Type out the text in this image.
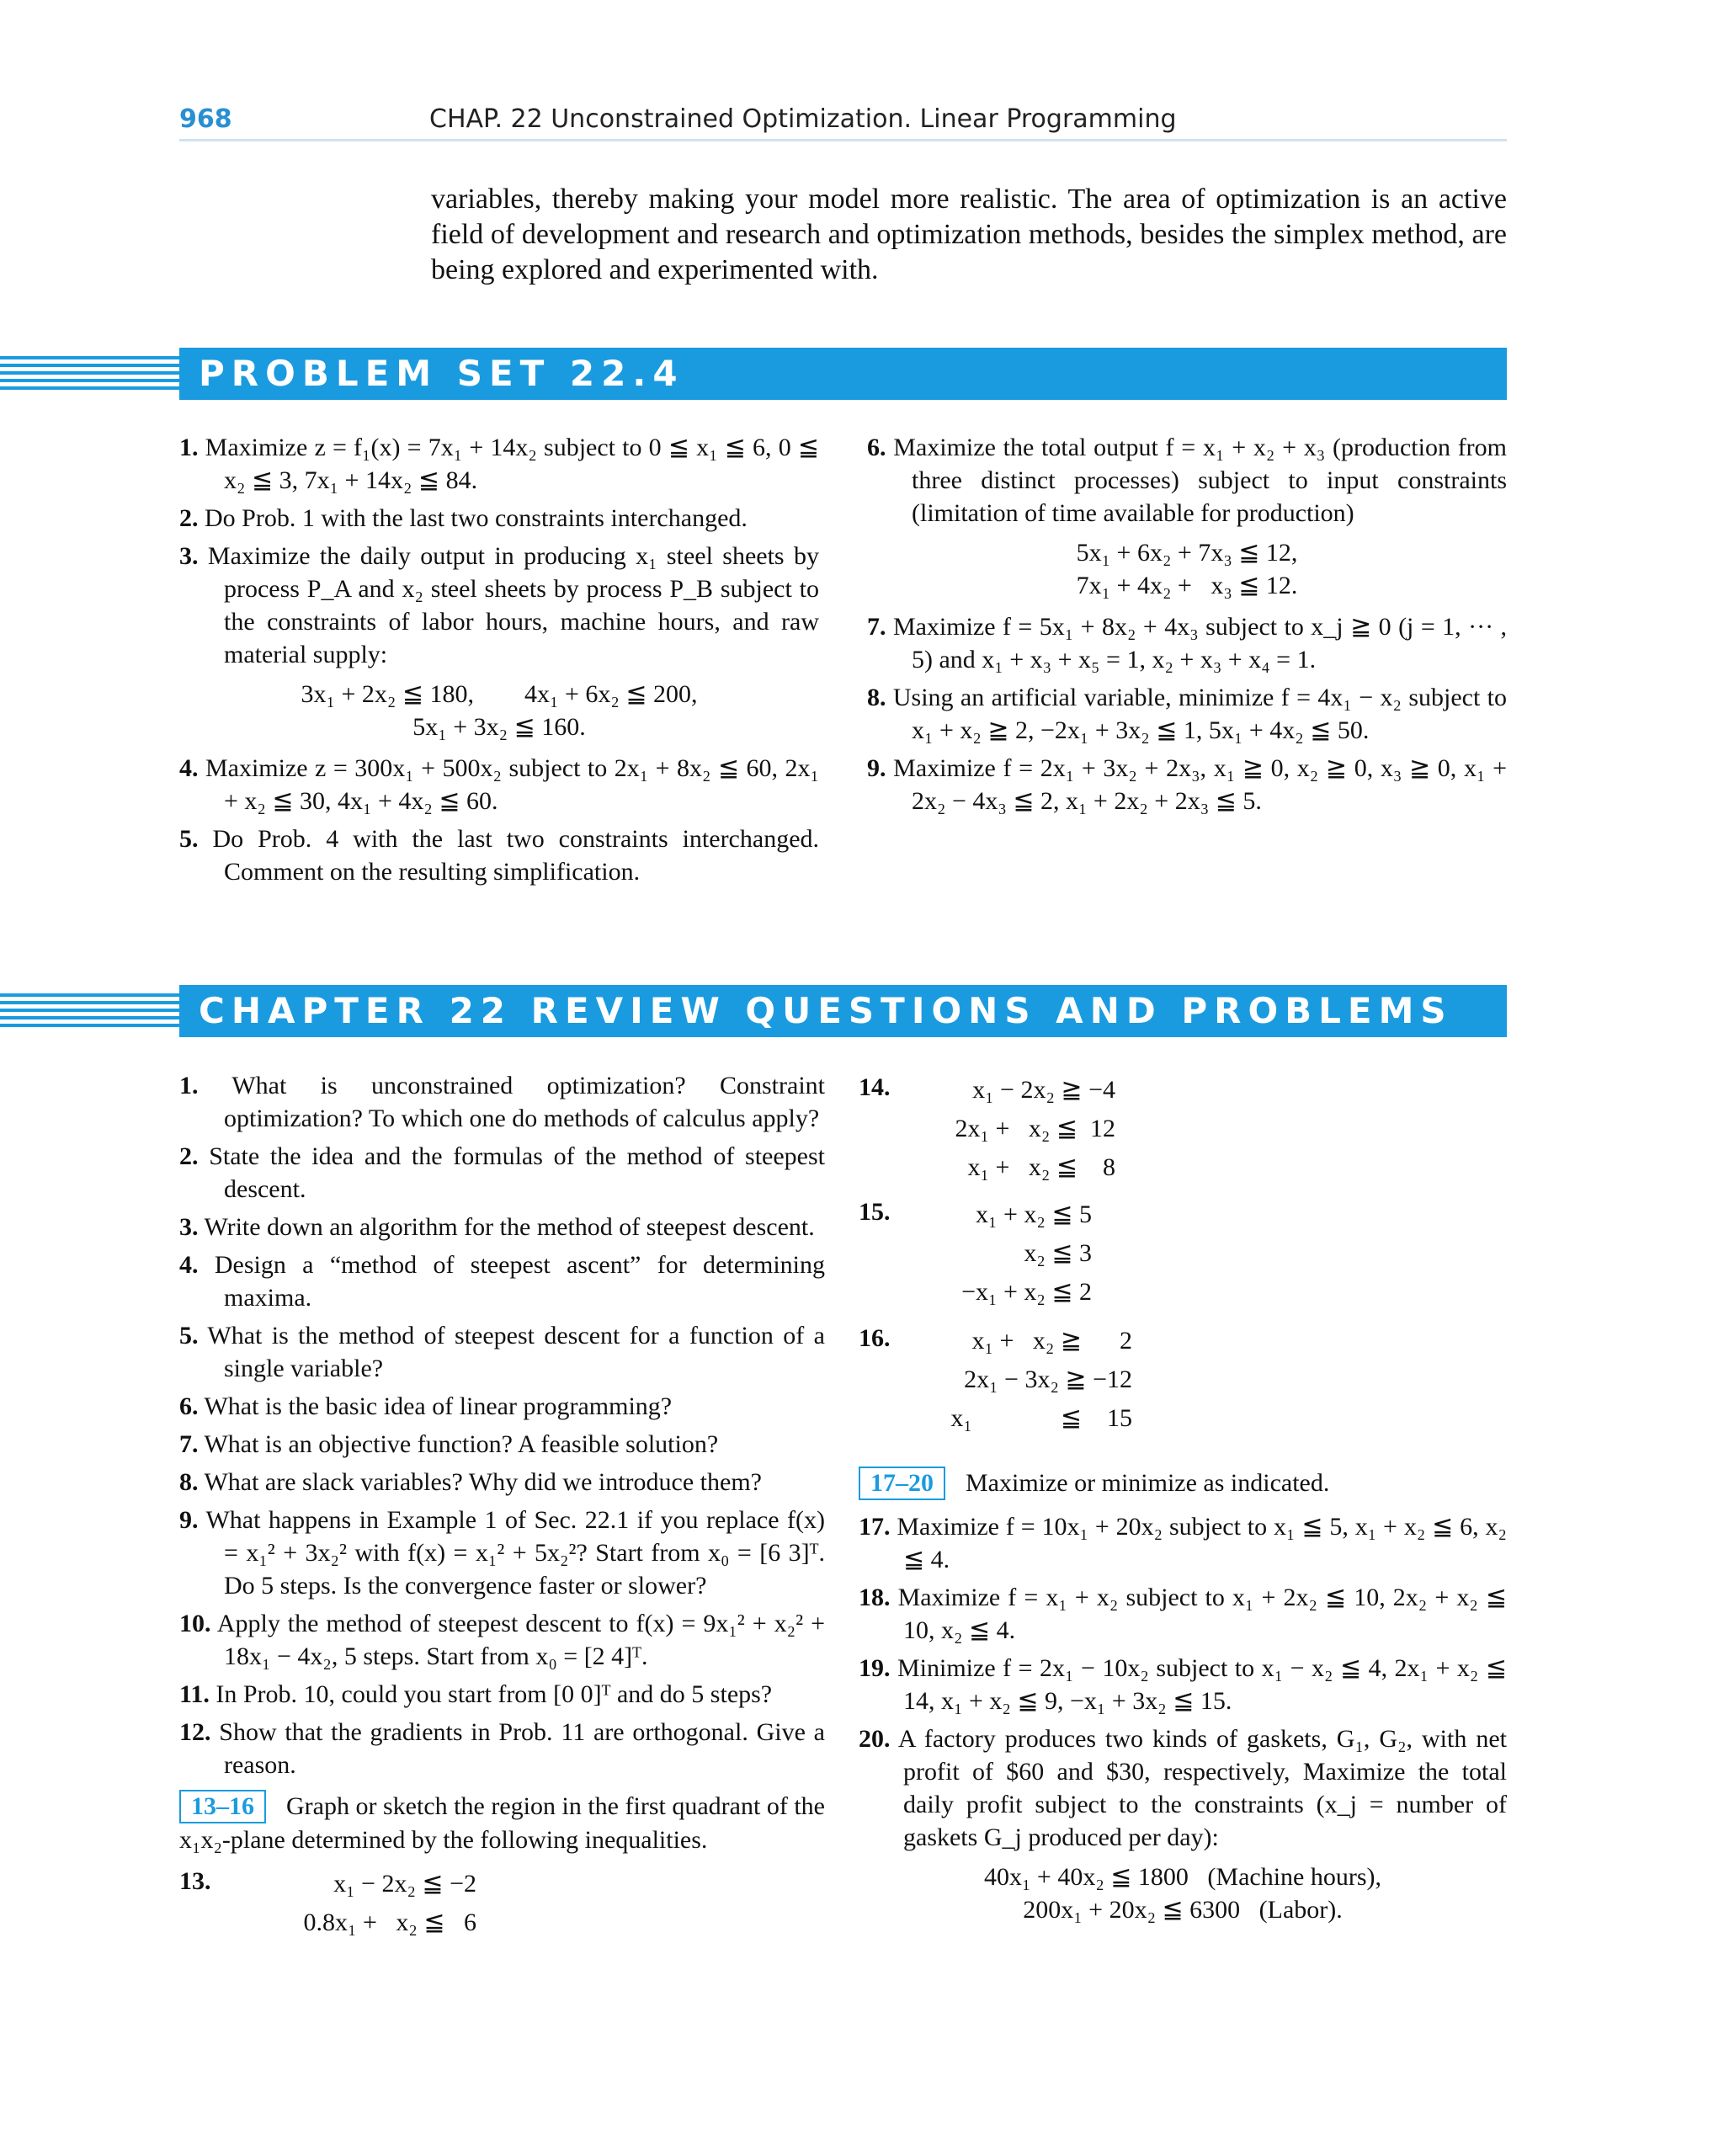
968	CHAP. 22 Unconstrained Optimization. Linear Programming

variables, thereby making your model more realistic. The area of optimization is an active field of development and research and optimization methods, besides the simplex method, are being explored and experimented with.

PROBLEM SET 22.4

1. Maximize z = f₁(x) = 7x₁ + 14x₂ subject to 0 ≦ x₁ ≦ 6, 0 ≦ x₂ ≦ 3, 7x₁ + 14x₂ ≦ 84.

2. Do Prob. 1 with the last two constraints interchanged.

3. Maximize the daily output in producing x₁ steel sheets by process P_A and x₂ steel sheets by process P_B subject to the constraints of labor hours, machine hours, and raw material supply:

3x₁ + 2x₂ ≦ 180,        4x₁ + 6x₂ ≦ 200,
5x₁ + 3x₂ ≦ 160.

4. Maximize z = 300x₁ + 500x₂ subject to 2x₁ + 8x₂ ≦ 60, 2x₁ + x₂ ≦ 30, 4x₁ + 4x₂ ≦ 60.

5. Do Prob. 4 with the last two constraints interchanged. Comment on the resulting simplification.

6. Maximize the total output f = x₁ + x₂ + x₃ (production from three distinct processes) subject to input constraints (limitation of time available for production)

5x₁ + 6x₂ + 7x₃ ≦ 12,
7x₁ + 4x₂ +   x₃ ≦ 12.

7. Maximize f = 5x₁ + 8x₂ + 4x₃ subject to x_j ≧ 0 (j = 1, ··· , 5) and x₁ + x₃ + x₅ = 1, x₂ + x₃ + x₄ = 1.

8. Using an artificial variable, minimize f = 4x₁ − x₂ subject to x₁ + x₂ ≧ 2, −2x₁ + 3x₂ ≦ 1, 5x₁ + 4x₂ ≦ 50.

9. Maximize f = 2x₁ + 3x₂ + 2x₃, x₁ ≧ 0, x₂ ≧ 0, x₃ ≧ 0, x₁ + 2x₂ − 4x₃ ≦ 2, x₁ + 2x₂ + 2x₃ ≦ 5.

CHAPTER 22 REVIEW QUESTIONS AND PROBLEMS

1. What is unconstrained optimization? Constraint optimization? To which one do methods of calculus apply?

2. State the idea and the formulas of the method of steepest descent.

3. Write down an algorithm for the method of steepest descent.

4. Design a “method of steepest ascent” for determining maxima.

5. What is the method of steepest descent for a function of a single variable?

6. What is the basic idea of linear programming?

7. What is an objective function? A feasible solution?

8. What are slack variables? Why did we introduce them?

9. What happens in Example 1 of Sec. 22.1 if you replace f(x) = x₁² + 3x₂² with f(x) = x₁² + 5x₂²? Start from x₀ = [6 3]ᵀ. Do 5 steps. Is the convergence faster or slower?

10. Apply the method of steepest descent to f(x) = 9x₁² + x₂² + 18x₁ − 4x₂, 5 steps. Start from x₀ = [2 4]ᵀ.

11. In Prob. 10, could you start from [0 0]ᵀ and do 5 steps?

12. Show that the gradients in Prob. 11 are orthogonal. Give a reason.

13–16 Graph or sketch the region in the first quadrant of the x₁x₂-plane determined by the following inequalities.

13.	x₁ − 2x₂ ≦ −2
0.8x₁ +   x₂ ≦   6
14.	x₁ − 2x₂ ≧ −4
2x₁ +   x₂ ≦  12
x₁ +   x₂ ≦    8
15.	x₁ + x₂ ≦ 5
x₂ ≦ 3
−x₁ + x₂ ≦ 2
16.	x₁ +   x₂ ≧      2
2x₁ − 3x₂ ≧ −12
x₁              ≦    15

17–20 Maximize or minimize as indicated.

17. Maximize f = 10x₁ + 20x₂ subject to x₁ ≦ 5, x₁ + x₂ ≦ 6, x₂ ≦ 4.

18. Maximize f = x₁ + x₂ subject to x₁ + 2x₂ ≦ 10, 2x₂ + x₂ ≦ 10, x₂ ≦ 4.

19. Minimize f = 2x₁ − 10x₂ subject to x₁ − x₂ ≦ 4, 2x₁ + x₂ ≦ 14, x₁ + x₂ ≦ 9, −x₁ + 3x₂ ≦ 15.

20. A factory produces two kinds of gaskets, G₁, G₂, with net profit of $60 and $30, respectively, Maximize the total daily profit subject to the constraints (x_j = number of gaskets G_j produced per day):

40x₁ + 40x₂ ≦ 1800   (Machine hours),
200x₁ + 20x₂ ≦ 6300   (Labor).
